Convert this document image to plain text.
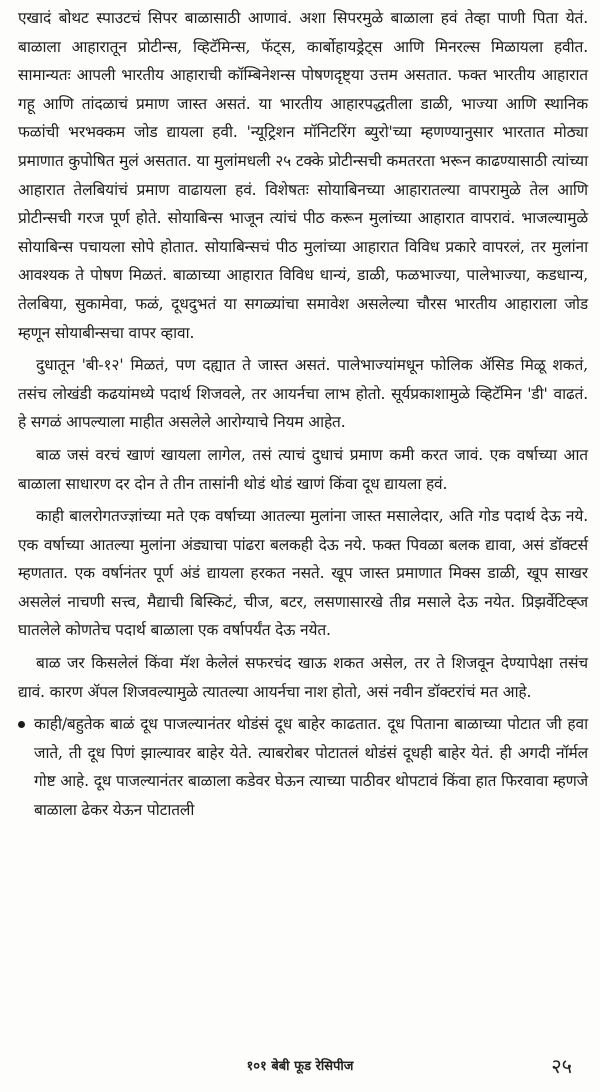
एखादं बोथट स्पाउटचं सिपर बाळासाठी आणावं. अशा सिपरमुळे बाळाला हवं तेव्हा पाणी पिता येतं. बाळाला आहारातून प्रोटीन्स, व्हिटॅमिन्स, फॅट्स, कार्बोहायड्रेट्स आणि मिनरल्स मिळायला हवीत. सामान्यतः आपली भारतीय आहाराची कॉम्बिनेशन्स पोषणदृष्ट्या उत्तम असतात. फक्त भारतीय आहारात गहू आणि तांदळाचं प्रमाण जास्त असतं. या भारतीय आहारपद्धतीला डाळी, भाज्या आणि स्थानिक फळांची भरभक्कम जोड द्यायला हवी. 'न्यूट्रिशन मॉनिटरिंग ब्युरो'च्या म्हणण्यानुसार भारतात मोठ्या प्रमाणात कुपोषित मुलं असतात. या मुलांमधली २५ टक्के प्रोटीन्सची कमतरता भरून काढण्यासाठी त्यांच्या आहारात तेलबियांचं प्रमाण वाढायला हवं. विशेषतः सोयाबिनच्या आहारातल्या वापरामुळे तेल आणि प्रोटीन्सची गरज पूर्ण होते. सोयाबिन्स भाजून त्यांचं पीठ करून मुलांच्या आहारात वापरावं. भाजल्यामुळे सोयाबिन्स पचायला सोपे होतात. सोयाबिन्सचं पीठ मुलांच्या आहारात विविध प्रकारे वापरलं, तर मुलांना आवश्यक ते पोषण मिळतं. बाळाच्या आहारात विविध धान्यं, डाळी, फळभाज्या, पालेभाज्या, कडधान्य, तेलबिया, सुकामेवा, फळं, दूधदुभतं या सगळ्यांचा समावेश असलेल्या चौरस भारतीय आहाराला जोड म्हणून सोयाबीन्सचा वापर व्हावा.

दुधातून 'बी-१२' मिळतं, पण दह्यात ते जास्त असतं. पालेभाज्यांमधून फोलिक ॲसिड मिळू शकतं, तसंच लोखंडी कढयांमध्ये पदार्थ शिजवले, तर आयर्नचा लाभ होतो. सूर्यप्रकाशामुळे व्हिटॅमिन 'डी' वाढतं. हे सगळं आपल्याला माहीत असलेले आरोग्याचे नियम आहेत.

बाळ जसं वरचं खाणं खायला लागेल, तसं त्याचं दुधाचं प्रमाण कमी करत जावं. एक वर्षाच्या आत बाळाला साधारण दर दोन ते तीन तासांनी थोडं थोडं खाणं किंवा दूध द्यायला हवं.

काही बालरोगतज्ज्ञांच्या मते एक वर्षाच्या आतल्या मुलांना जास्त मसालेदार, अति गोड पदार्थ देऊ नये. एक वर्षाच्या आतल्या मुलांना अंड्याचा पांढरा बलकही देऊ नये. फक्त पिवळा बलक द्यावा, असं डॉक्टर्स म्हणतात. एक वर्षानंतर पूर्ण अंडं द्यायला हरकत नसते. खूप जास्त प्रमाणात मिक्स डाळी, खूप साखर असलेलं नाचणी सत्त्व, मैद्याची बिस्किटं, चीज, बटर, लसणासारखे तीव्र मसाले देऊ नयेत. प्रिझर्वेटिव्ह्ज घातलेले कोणतेच पदार्थ बाळाला एक वर्षापर्यंत देऊ नयेत.

बाळ जर किसलेलं किंवा मॅश केलेलं सफरचंद खाऊ शकत असेल, तर ते शिजवून देण्यापेक्षा तसंच द्यावं. कारण ॲपल शिजवल्यामुळे त्यातल्या आयर्नचा नाश होतो, असं नवीन डॉक्टरांचं मत आहे.

काही/बहुतेक बाळं दूध पाजल्यानंतर थोडंसं दूध बाहेर काढतात. दूध पिताना बाळाच्या पोटात जी हवा जाते, ती दूध पिणं झाल्यावर बाहेर येते. त्याबरोबर पोटातलं थोडंसं दूधही बाहेर येतं. ही अगदी नॉर्मल गोष्ट आहे. दूध पाजल्यानंतर बाळाला कडेवर घेऊन त्याच्या पाठीवर थोपटावं किंवा हात फिरवावा म्हणजे बाळाला ढेकर येऊन पोटातली
१०१ बेबी फूड रेसिपीज	२५
